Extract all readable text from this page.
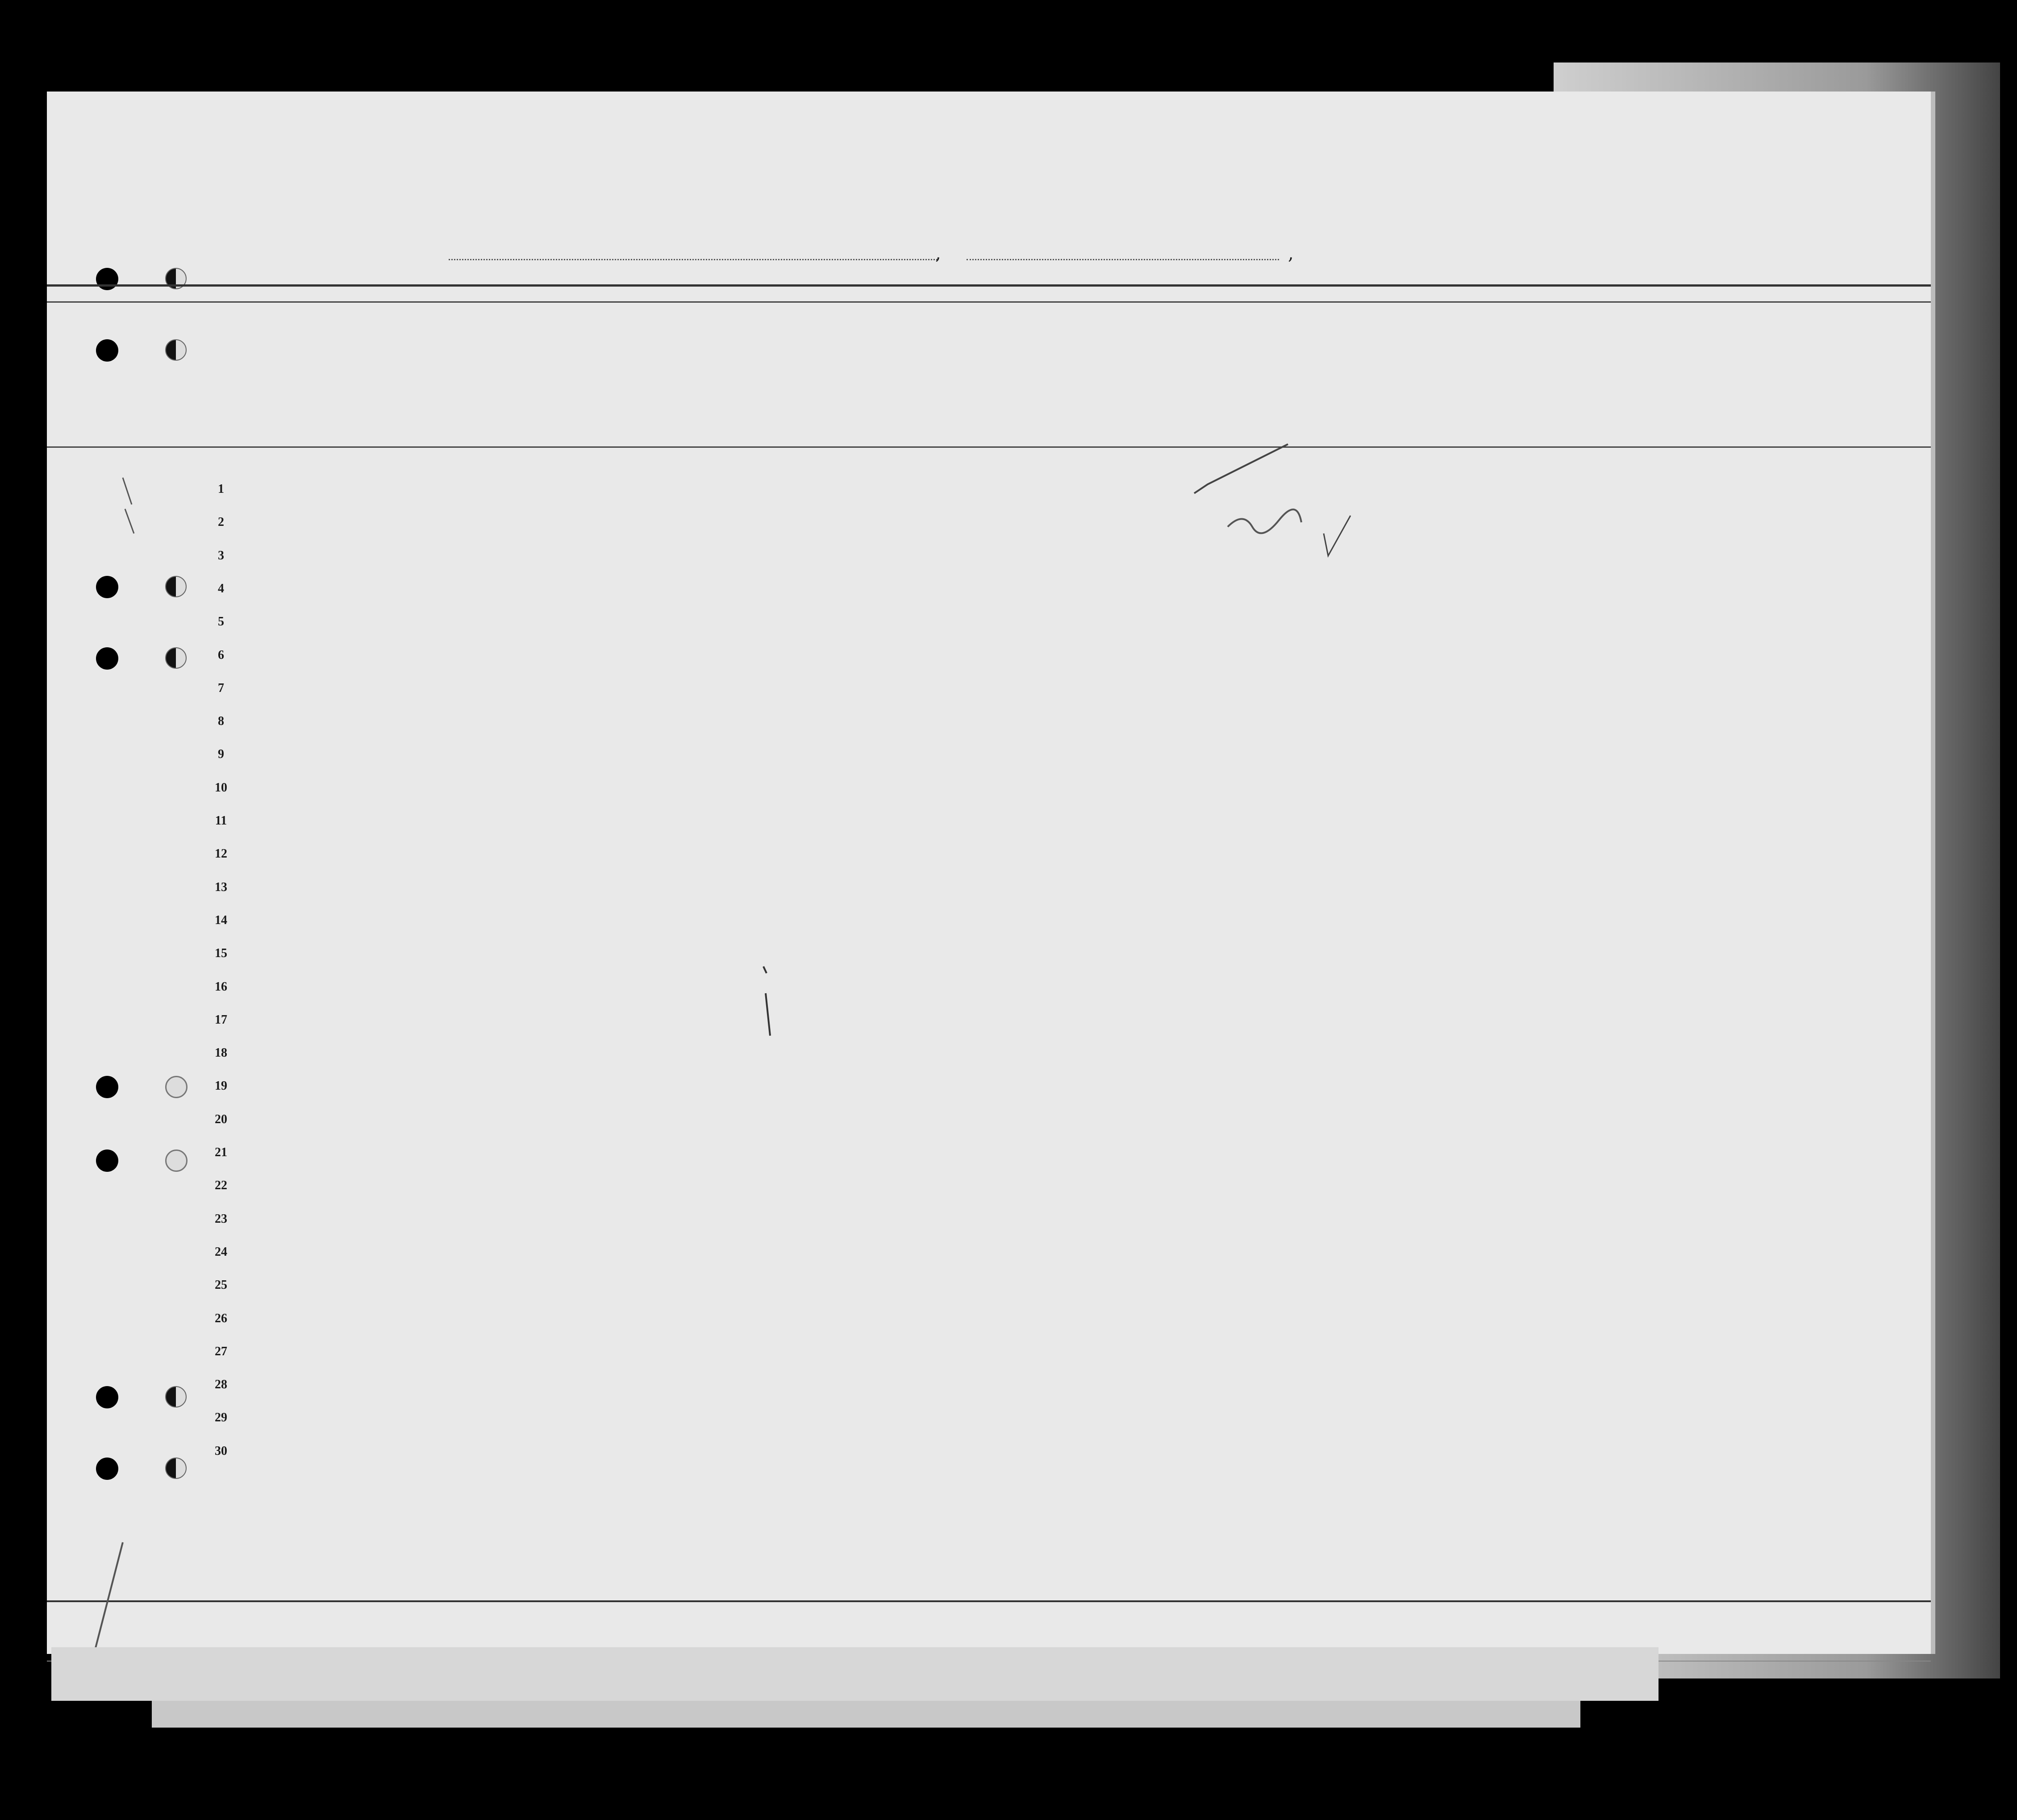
,	,
1
2
3
4
5
6
7
8
9
10
11
12
13
14
15
16
17
18
19
20
21
22
23
24
25
26
27
28
29
30
